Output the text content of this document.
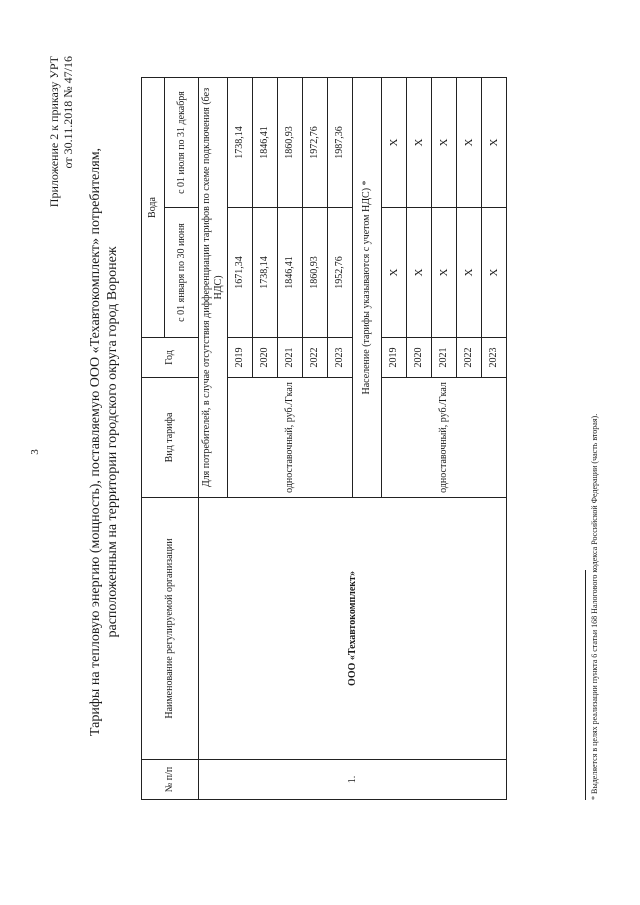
3
Приложение 2 к приказу УРТ от 30.11.2018 № 47/16
Тарифы на тепловую энергию (мощность), поставляемую ООО «Техавтокомплект» потребителям, расположенным на территории городского округа город Воронеж
№ п/п	Наименование регулируемой организации	Вид тарифа	Год	Вода	
				с 01 января по 30 июня	с 01 июля по 31 декабря
1.	ООО «Техавтокомплект»	Для потребителей, в случае отсутствия дифференциации тарифов по схеме подключения (без НДС)			
		одноставочный, руб./Гкал	2019	1671,34	1738,14
			2020	1738,14	1846,41
			2021	1846,41	1860,93
			2022	1860,93	1972,76
			2023	1952,76	1987,36
		Население (тарифы указываются с учетом НДС) *			
		одноставочный, руб./Гкал	2019	Х	Х
			2020	Х	Х
			2021	Х	Х
			2022	Х	Х
			2023	Х	Х
* Выделяется в целях реализации пункта 6 статьи 168 Налогового кодекса Российской Федерации (часть вторая).
